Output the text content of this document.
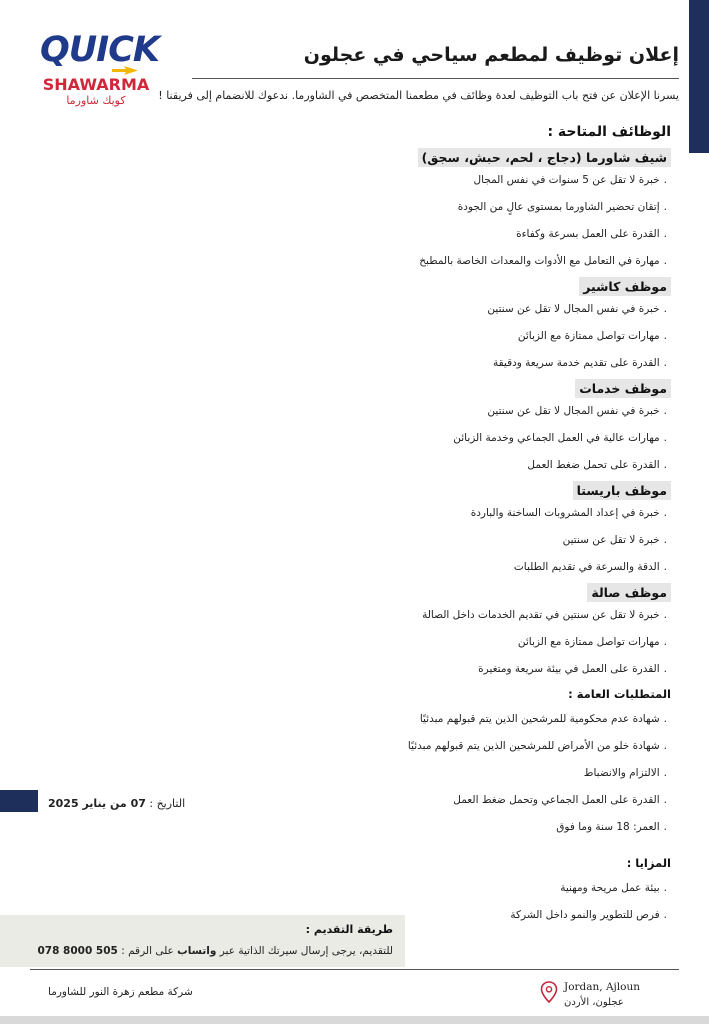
QUICK
SHAWARMA
كويك شاورما
إعلان توظيف لمطعم سياحي في عجلون
يسرنا الإعلان عن فتح باب التوظيف لعدة وظائف في مطعمنا المتخصص في الشاورما. ندعوك للانضمام إلى فريقنا !
الوظائف المتاحة :
شيف شاورما (دجاج ، لحم، حبش، سجق)
. خبرة لا تقل عن 5 سنوات في نفس المجال
. إتقان تحضير الشاورما بمستوى عالٍ من الجودة
. القدرة على العمل بسرعة وكفاءة
. مهارة في التعامل مع الأدوات والمعدات الخاصة بالمطبخ
موظف كاشير
. خبرة في نفس المجال لا تقل عن سنتين
. مهارات تواصل ممتازة مع الزبائن
. القدرة على تقديم خدمة سريعة ودقيقة
موظف خدمات
. خبرة في نفس المجال لا تقل عن سنتين
. مهارات عالية في العمل الجماعي وخدمة الزبائن
. القدرة على تحمل ضغط العمل
موظف باريستا
. خبرة في إعداد المشروبات الساخنة والباردة
. خبرة لا تقل عن سنتين
. الدقة والسرعة في تقديم الطلبات
موظف صالة
. خبرة لا تقل عن سنتين في تقديم الخدمات داخل الصالة
. مهارات تواصل ممتازة مع الزبائن
. القدرة على العمل في بيئة سريعة ومتغيرة
المتطلبات العامة :
. شهادة عدم محكومية للمرشحين الذين يتم قبولهم مبدئيًا
. شهادة خلو من الأمراض للمرشحين الذين يتم قبولهم مبدئيًا
. الالتزام والانضباط
. القدرة على العمل الجماعي وتحمل ضغط العمل
. العمر: 18 سنة وما فوق
المزايا :
. بيئة عمل مريحة ومهنية
. فرص للتطوير والنمو داخل الشركة
التاريخ : 07 من يناير 2025
طريقة التقديم :
للتقديم، يرجى إرسال سيرتك الذاتية عبر واتساب على الرقم : 078 8000 505
شركة مطعم زهرة النور للشاورما	Jordan, Ajloun
عجلون، الأردن
